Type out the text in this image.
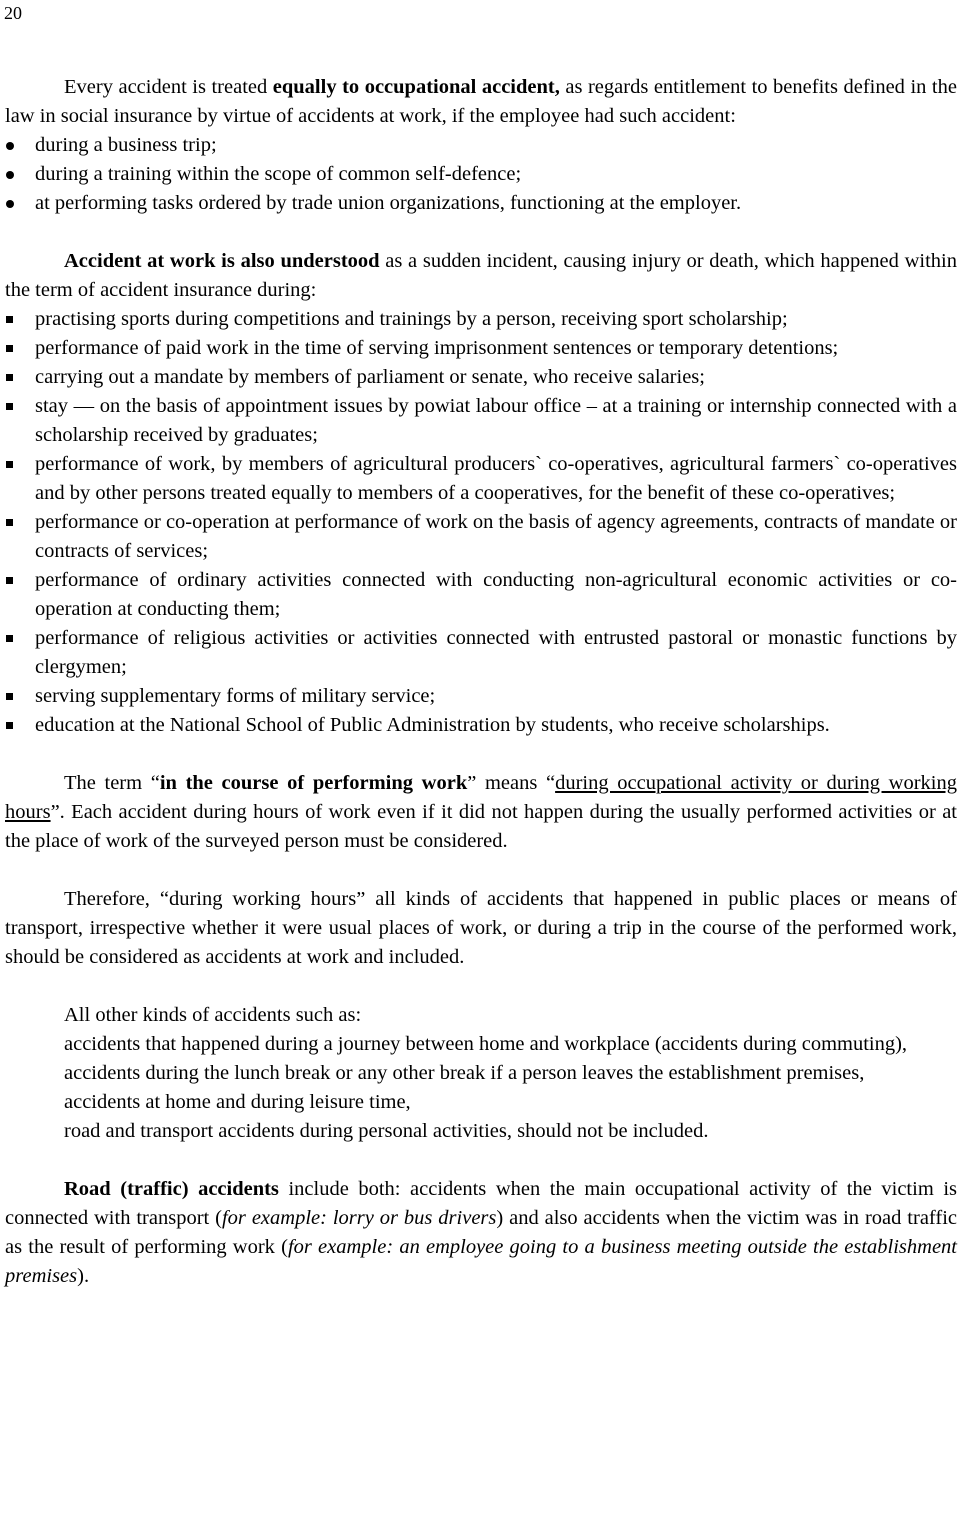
20

Every accident is treated equally to occupational accident, as regards entitlement to benefits defined in the law in social insurance by virtue of accidents at work, if the employee had such accident:

during a business trip;
during a training within the scope of common self-defence;
at performing tasks ordered by trade union organizations, functioning at the employer.

Accident at work is also understood as a sudden incident, causing injury or death, which happened within the term of accident insurance during:

practising sports during competitions and trainings by a person, receiving sport scholarship;
performance of paid work in the time of serving imprisonment sentences or temporary detentions;
carrying out a mandate by members of parliament or senate, who receive salaries;
stay — on the basis of appointment issues by powiat labour office – at a training or internship connected with a scholarship received by graduates;
performance of work, by members of agricultural producers` co-operatives, agricultural farmers` co-operatives and by other persons treated equally to members of a cooperatives, for the benefit of these co-operatives;
performance or co-operation at performance of work on the basis of agency agreements, contracts of mandate or contracts of services;
performance of ordinary activities connected with conducting non-agricultural economic activities or co-operation at conducting them;
performance of religious activities or activities connected with entrusted pastoral or monastic functions by clergymen;
serving supplementary forms of military service;
education at the National School of Public Administration by students, who receive scholarships.

The term “in the course of performing work” means “during occupational activity or during working hours”. Each accident during hours of work even if it did not happen during the usually performed activities or at the place of work of the surveyed person must be considered.

Therefore, “during working hours” all kinds of accidents that happened in public places or means of transport, irrespective whether it were usual places of work, or during a trip in the course of the performed work, should be considered as accidents at work and included.

All other kinds of accidents such as:

accidents that happened during a journey between home and workplace (accidents during commuting),

accidents during the lunch break or any other break if a person leaves the establishment premises,

accidents at home and during leisure time,

road and transport accidents during personal activities, should not be included.

Road (traffic) accidents include both: accidents when the main occupational activity of the victim is connected with transport (for example: lorry or bus drivers) and also accidents when the victim was in road traffic as the result of performing work (for example: an employee going to a business meeting outside the establishment premises).
